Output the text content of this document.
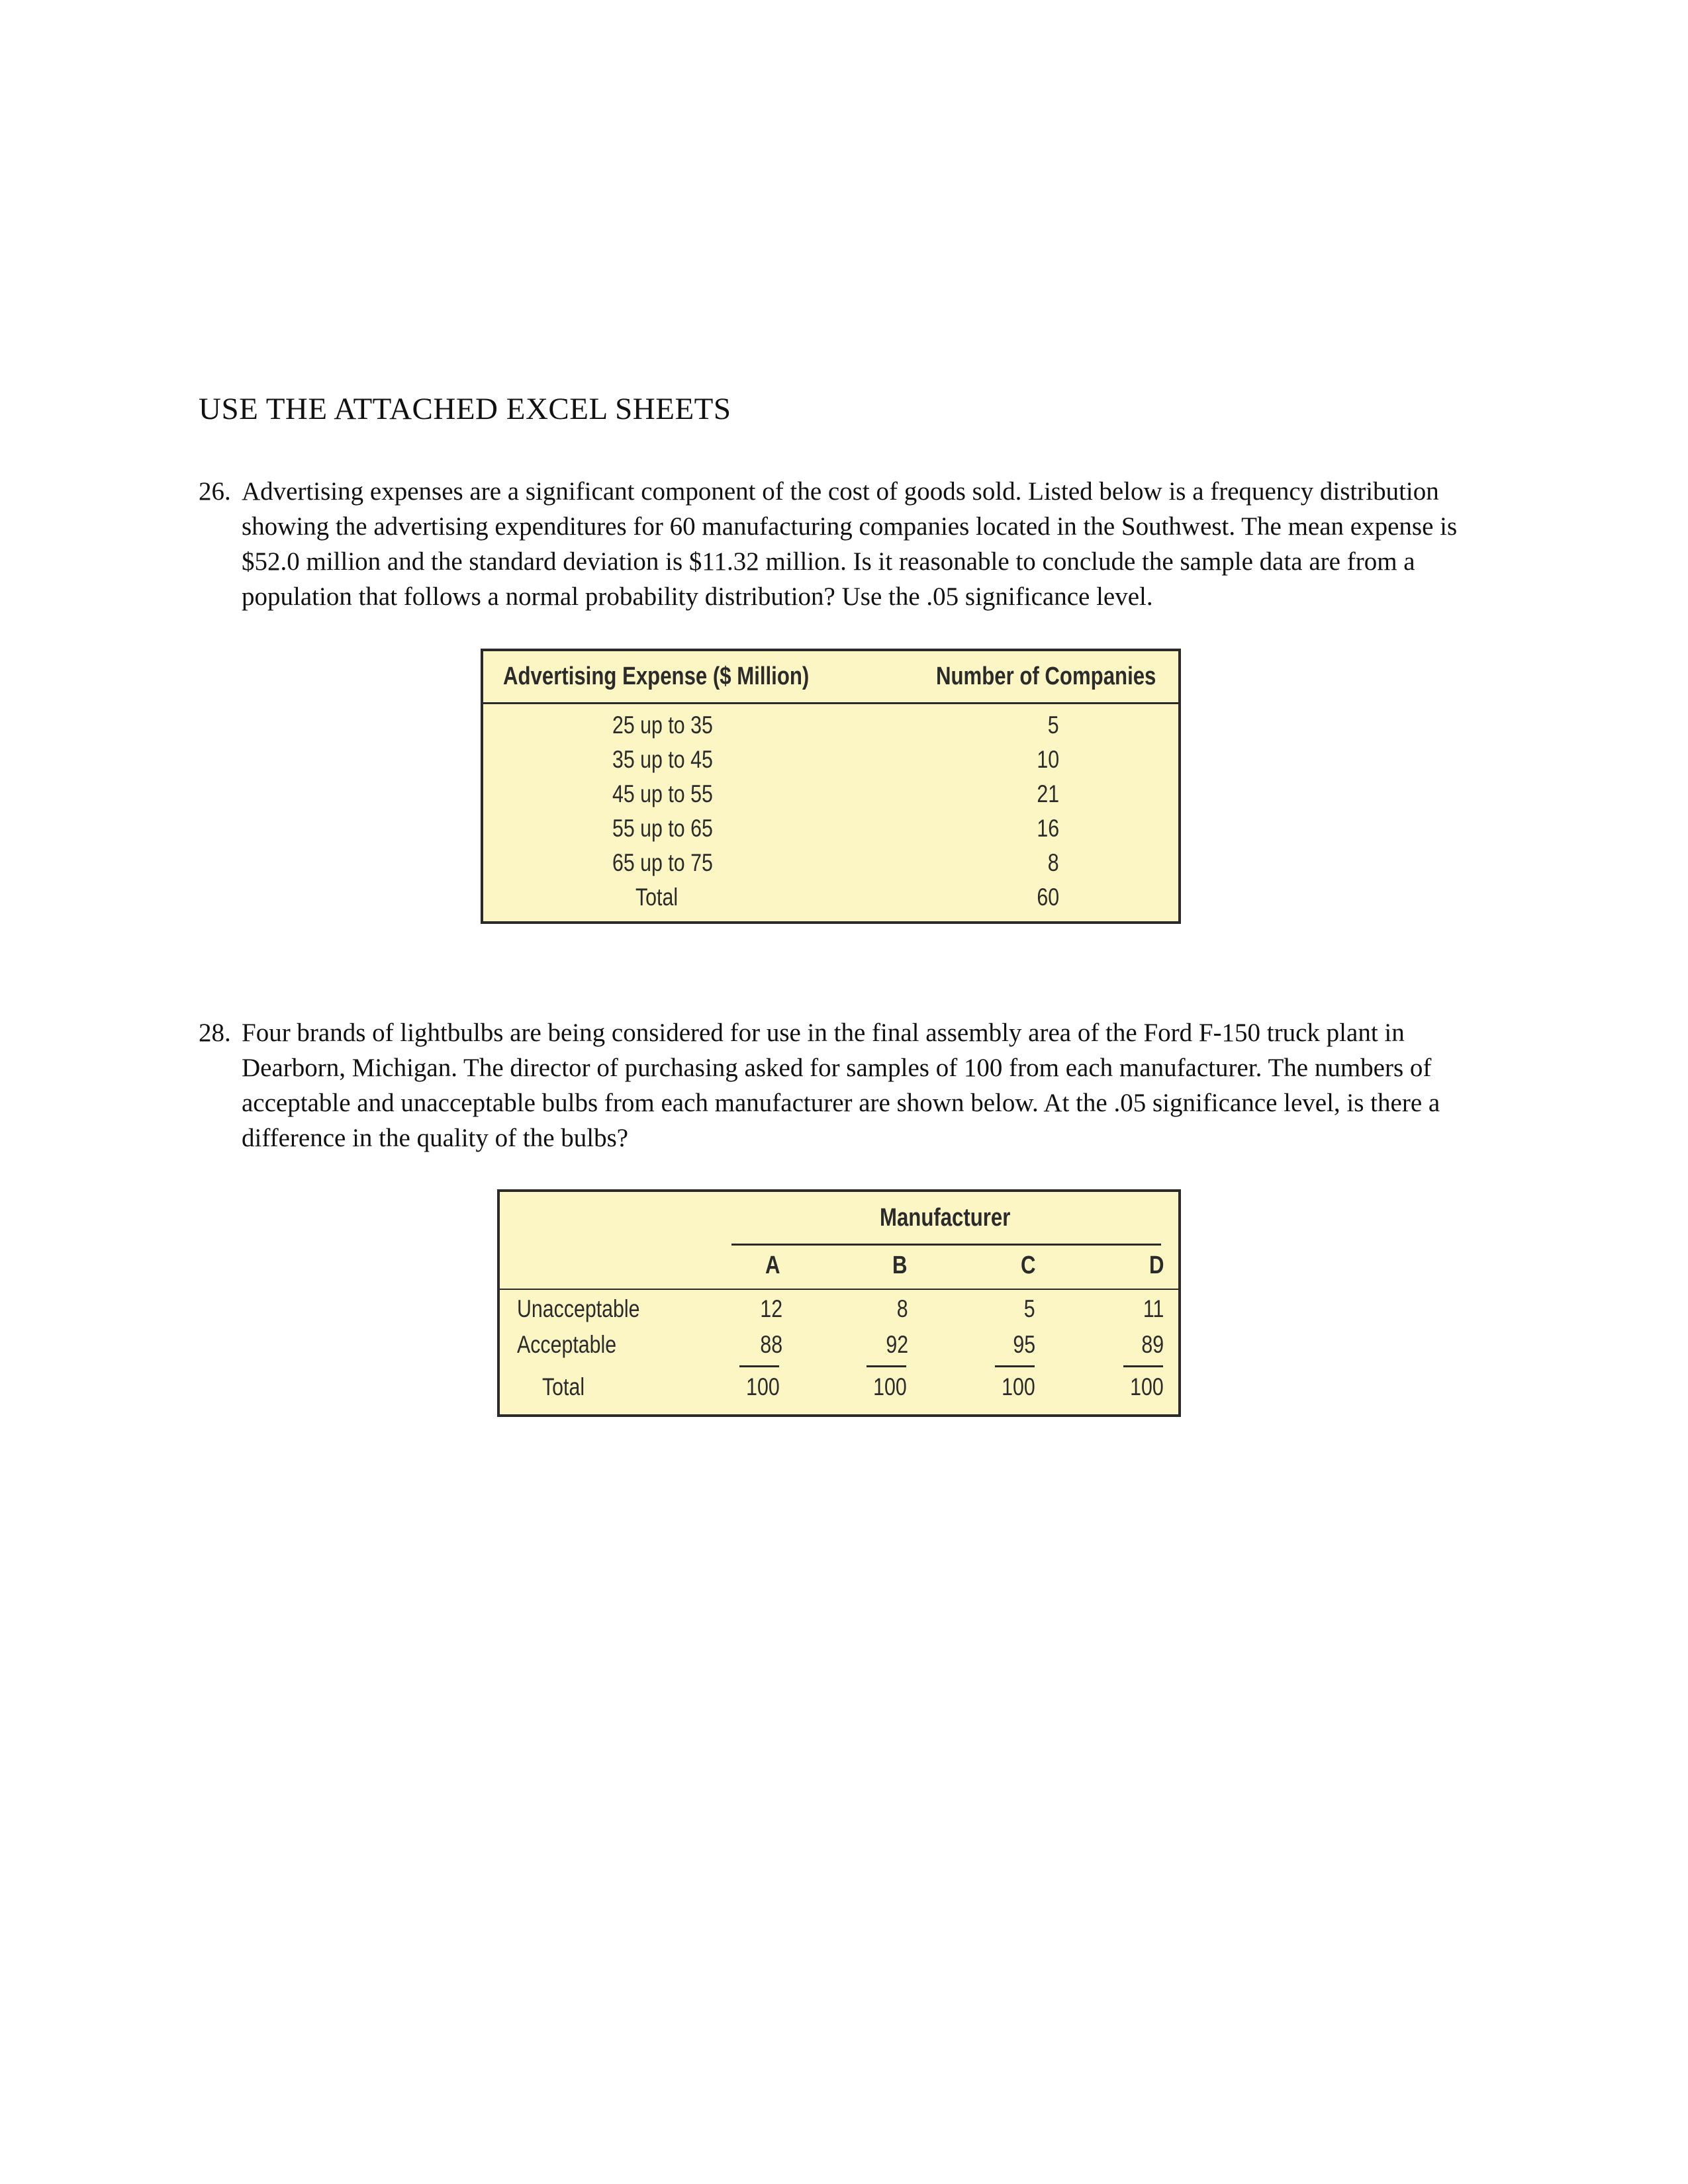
USE THE ATTACHED EXCEL SHEETS
26. Advertising expenses are a significant component of the cost of goods sold. Listed below is a frequency distribution showing the advertising expenditures for 60 manufacturing companies located in the Southwest. The mean expense is $52.0 million and the standard deviation is $11.32 million. Is it reasonable to conclude the sample data are from a population that follows a normal probability distribution? Use the .05 significance level.
Advertising Expense ($ Million)	Number of Companies
25 up to 35	5
35 up to 45	10
45 up to 55	21
55 up to 65	16
65 up to 75	8
Total	60
28. Four brands of lightbulbs are being considered for use in the final assembly area of the Ford F-150 truck plant in Dearborn, Michigan. The director of purchasing asked for samples of 100 from each manufacturer. The numbers of acceptable and unacceptable bulbs from each manufacturer are shown below. At the .05 significance level, is there a difference in the quality of the bulbs?
Manufacturer
A	B	C	D
Unacceptable	12	8	5	11
Acceptable	88	92	95	89
Total	100	100	100	100
